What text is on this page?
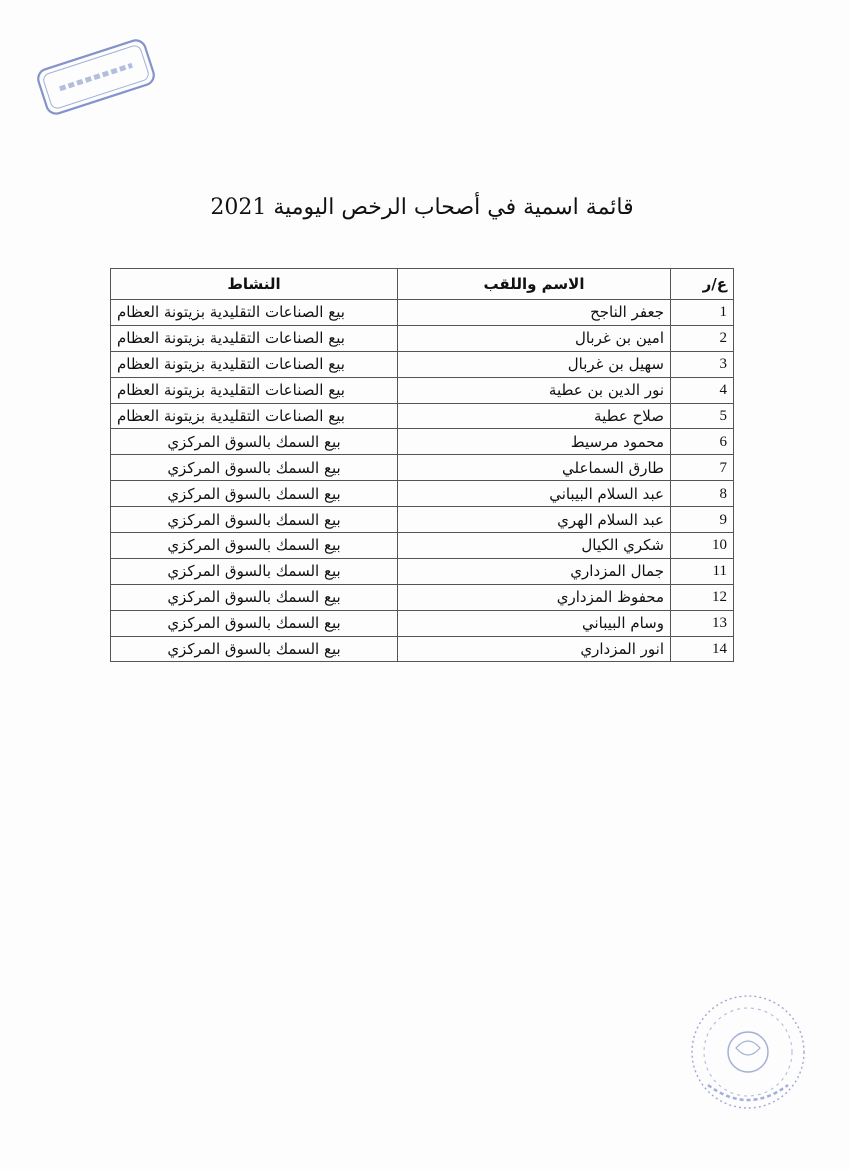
قائمة اسمية في أصحاب الرخص اليومية 2021
ع/ر	الاسم واللقب	النشاط
1	جعفر الناجح	بيع الصناعات التقليدية بزيتونة العظام
2	امين بن غربال	بيع الصناعات التقليدية بزيتونة العظام
3	سهيل بن غربال	بيع الصناعات التقليدية بزيتونة العظام
4	نور الدين بن عطية	بيع الصناعات التقليدية بزيتونة العظام
5	صلاح عطية	بيع الصناعات التقليدية بزيتونة العظام
6	محمود مرسيط	بيع السمك بالسوق المركزي
7	طارق السماعلي	بيع السمك بالسوق المركزي
8	عبد السلام البيباني	بيع السمك بالسوق المركزي
9	عبد السلام الهري	بيع السمك بالسوق المركزي
10	شكري الكيال	بيع السمك بالسوق المركزي
11	جمال المزداري	بيع السمك بالسوق المركزي
12	محفوظ المزداري	بيع السمك بالسوق المركزي
13	وسام البيباني	بيع السمك بالسوق المركزي
14	انور المزداري	بيع السمك بالسوق المركزي
